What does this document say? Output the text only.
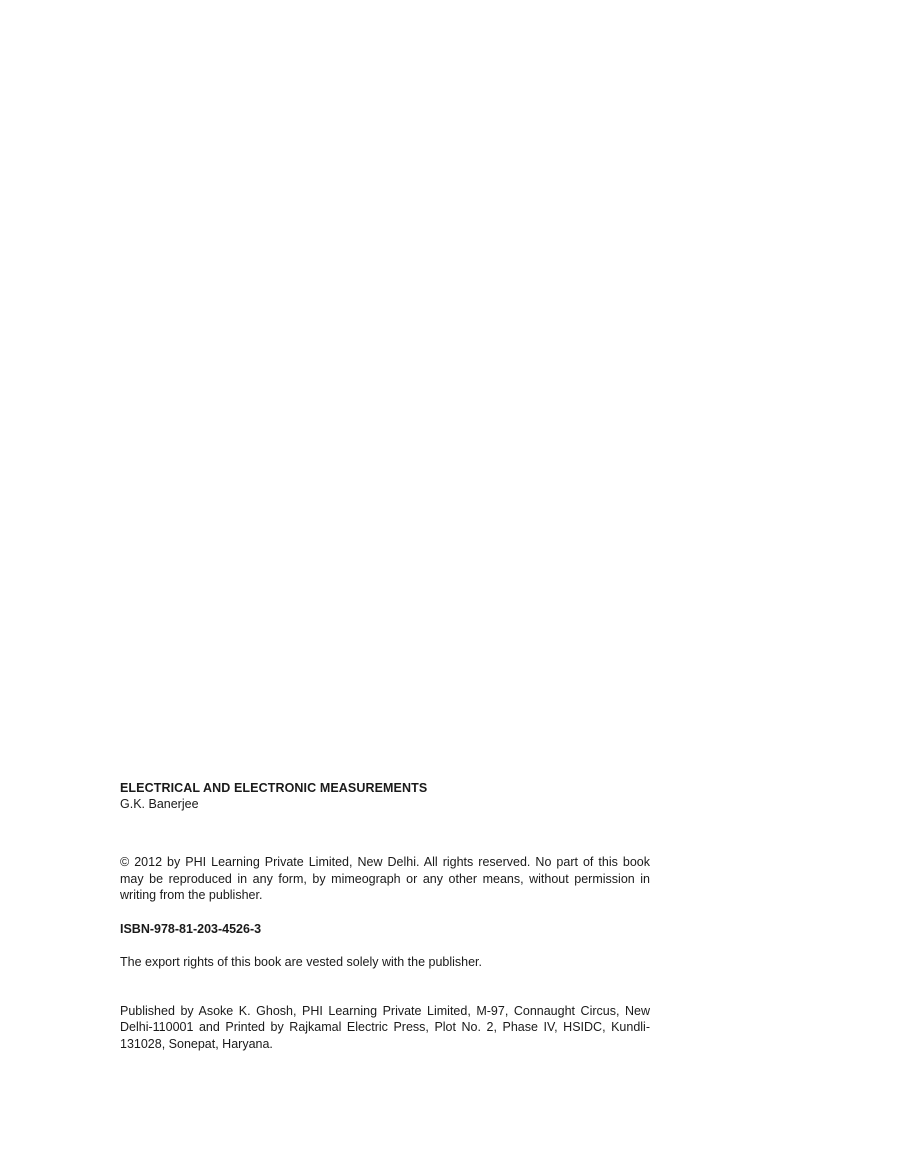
ELECTRICAL AND ELECTRONIC MEASUREMENTS

G.K. Banerjee

© 2012 by PHI Learning Private Limited, New Delhi. All rights reserved. No part of this book may be reproduced in any form, by mimeograph or any other means, without permission in writing from the publisher.

ISBN-978-81-203-4526-3

The export rights of this book are vested solely with the publisher.

Published by Asoke K. Ghosh, PHI Learning Private Limited, M-97, Connaught Circus, New Delhi-110001 and Printed by Rajkamal Electric Press, Plot No. 2, Phase IV, HSIDC, Kundli-131028, Sonepat, Haryana.
